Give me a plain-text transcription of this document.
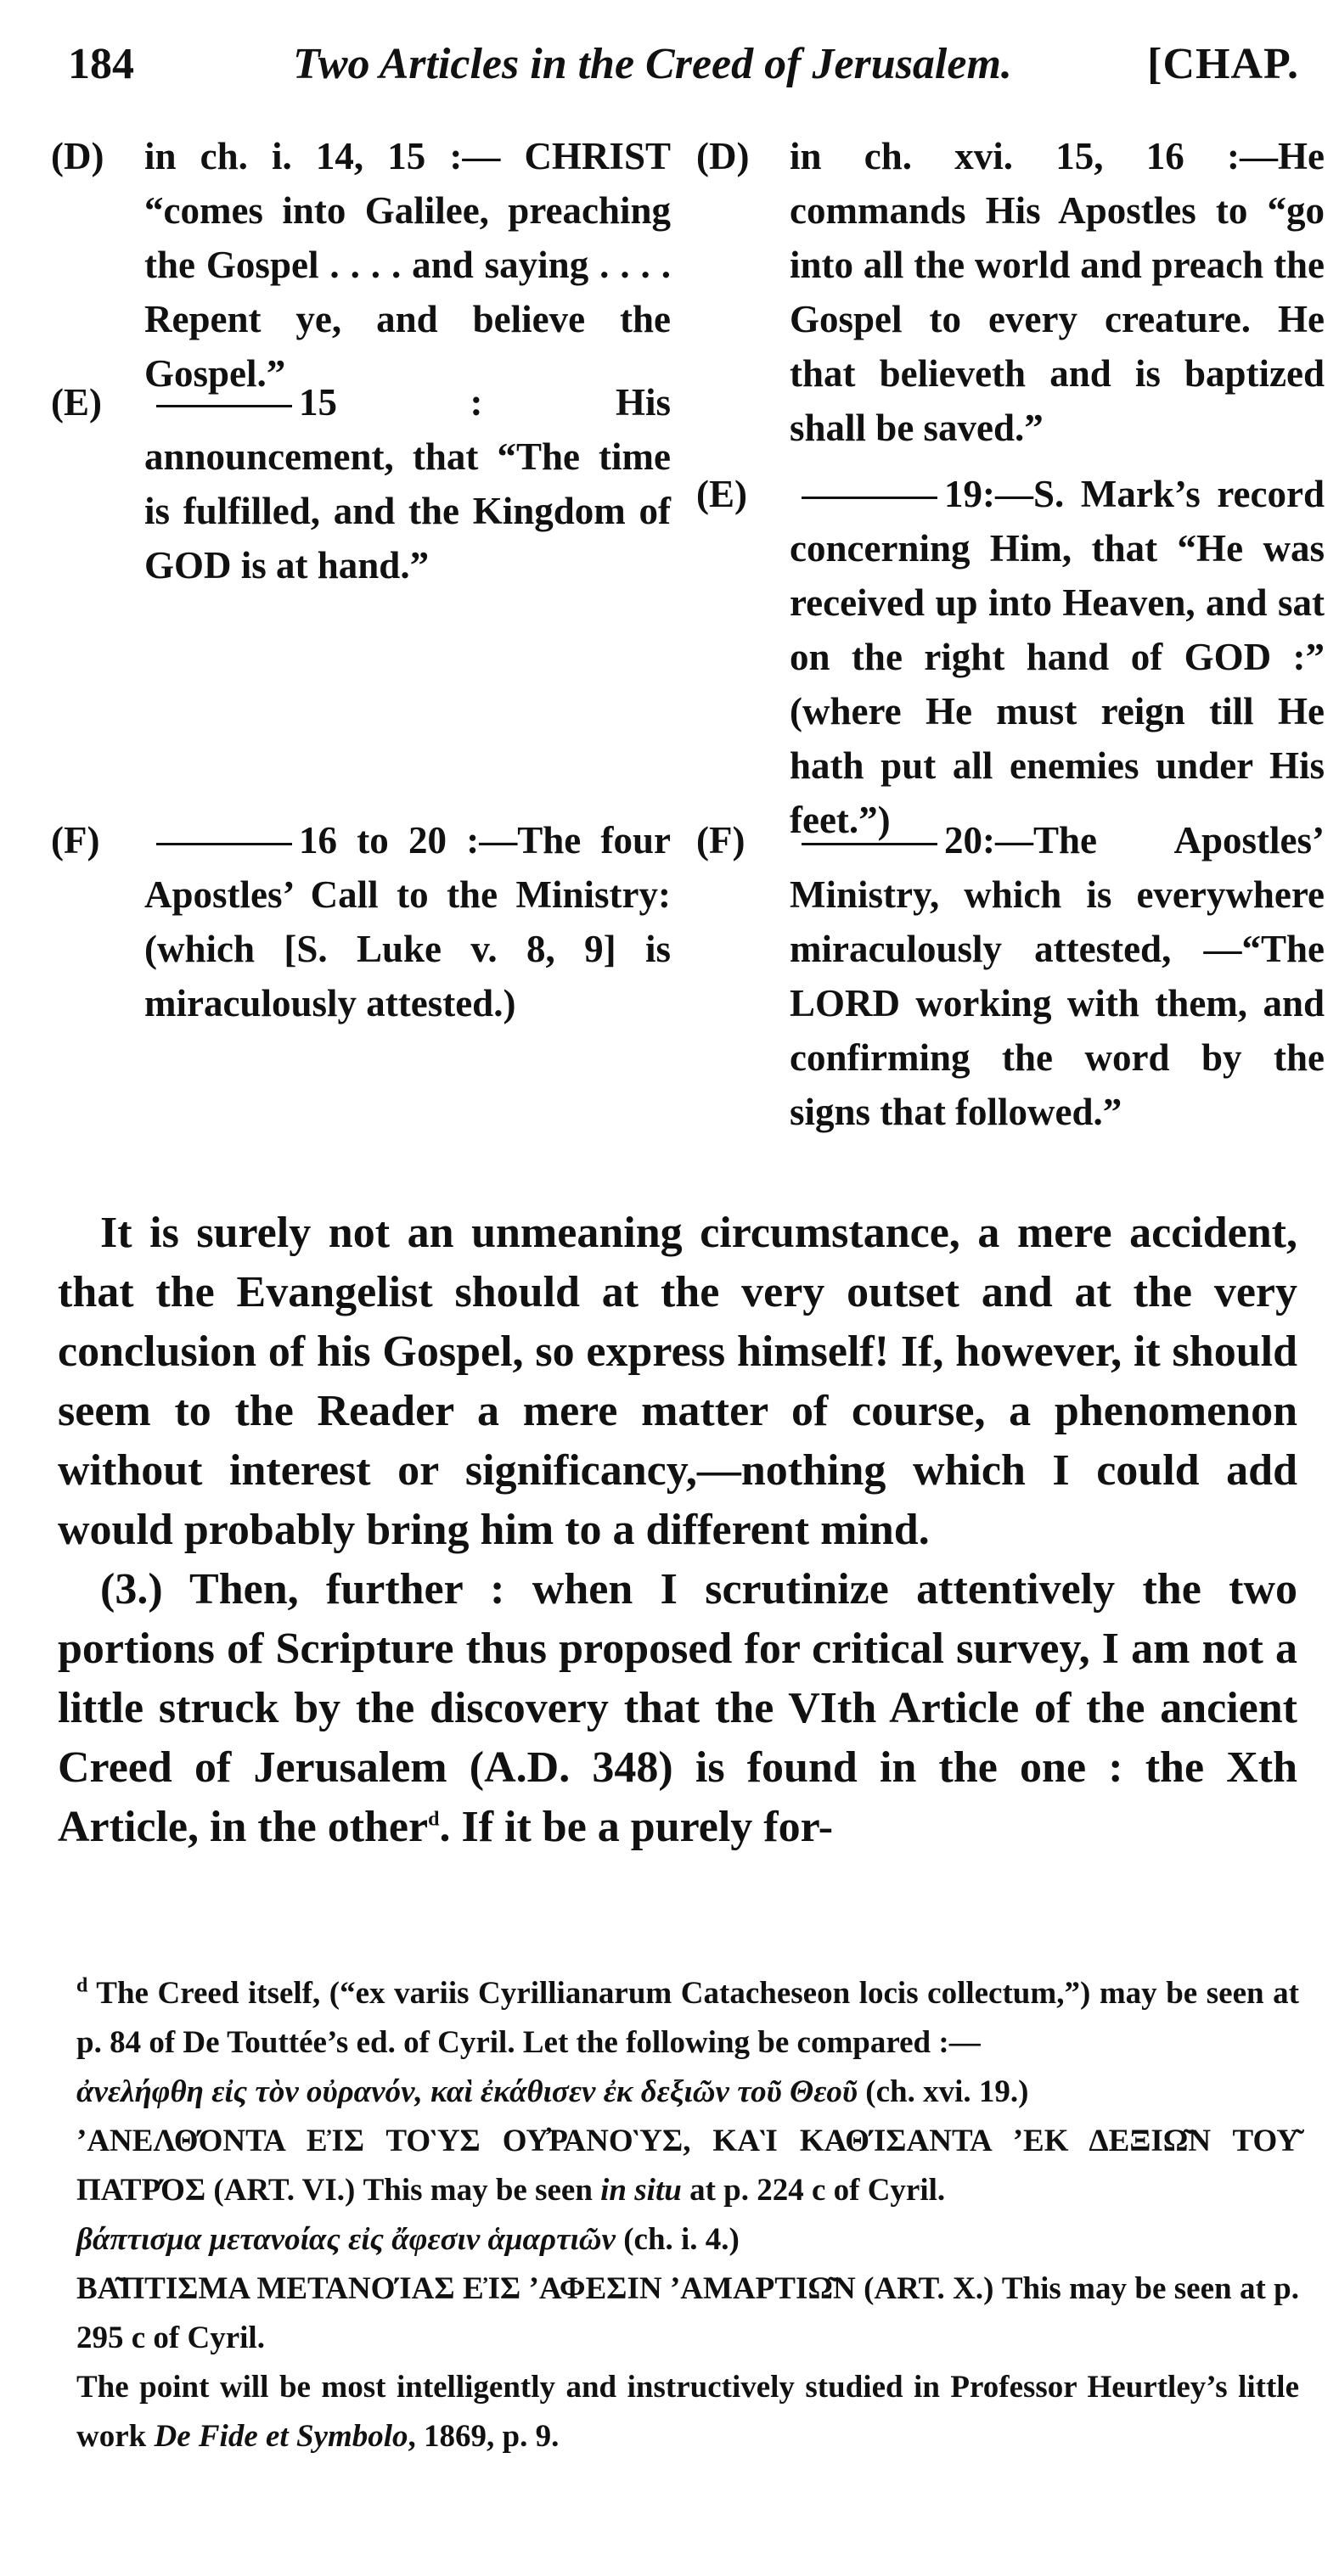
184	Two Articles in the Creed of Jerusalem.	[CHAP.
(D) in ch. i. 14, 15 :— CHRIST “comes into Galilee, preaching the Gospel . . . . and saying . . . . Repent ye, and believe the Gospel.”
(E)	15 :	His announcement, that “The time is fulfilled, and the Kingdom of GOD is at hand.”
(F)	16 to 20 :—The four Apostles’ Call to the Ministry: (which [S. Luke v. 8, 9] is miraculously attested.)
(D) in ch. xvi. 15, 16 :—He commands His Apostles to “go into all the world and preach the Gospel to every creature. He that believeth and is baptized shall be saved.”
(E)	19:—S. Mark’s record concerning Him, that “He was received up into Heaven, and sat on the right hand of GOD :” (where He must reign till He hath put all enemies under His feet.”)
(F)	20:—The Apostles’ Ministry, which is everywhere miraculously attested, —“The LORD working with them, and confirming the word by the signs that followed.”

It is surely not an unmeaning circumstance, a mere accident, that the Evangelist should at the very outset and at the very conclusion of his Gospel, so express himself! If, however, it should seem to the Reader a mere matter of course, a phenomenon without interest or significancy,—nothing which I could add would probably bring him to a different mind.

(3.) Then, further : when I scrutinize attentively the two portions of Scripture thus proposed for critical survey, I am not a little struck by the discovery that the VIth Article of the ancient Creed of Jerusalem (A.D. 348) is found in the one : the Xth Article, in the other$^d$. If it be a purely for-

$^d$ The Creed itself, (“ex variis Cyrillianarum Catacheseon locis collectum,”) may be seen at p. 84 of De Touttée’s ed. of Cyril. Let the following be compared :—

ἀνελήφθη εἰς τὸν οὐρανόν, καὶ ἐκάθισεν ἐκ δεξιῶν τοῦ Θεοῦ (ch. xvi. 19.)

’ΑΝΕΛΘΌΝΤΑ ΕἸΣ ΤΟῪΣ ΟΥ̓ΡΑΝΟῪΣ, ΚΑῚ ΚΑΘΊΣΑΝΤΑ ’ΕΚ ΔΕΞΙΩ͂Ν ΤΟΥ͂ ΠΑΤΡΌΣ (ART. VI.) This may be seen in situ at p. 224 c of Cyril.

βάπτισμα μετανοίας εἰς ἄφεσιν ἁμαρτιῶν (ch. i. 4.)

ΒΑ͂ΠΤΙΣΜΑ ΜΕΤΑΝΟΊΑΣ ΕἸΣ ’ΑΦΕΣΙΝ ’ΑΜΑΡΤΙΩ͂Ν (ART. X.) This may be seen at p. 295 c of Cyril.

The point will be most intelligently and instructively studied in Professor Heurtley’s little work De Fide et Symbolo, 1869, p. 9.
